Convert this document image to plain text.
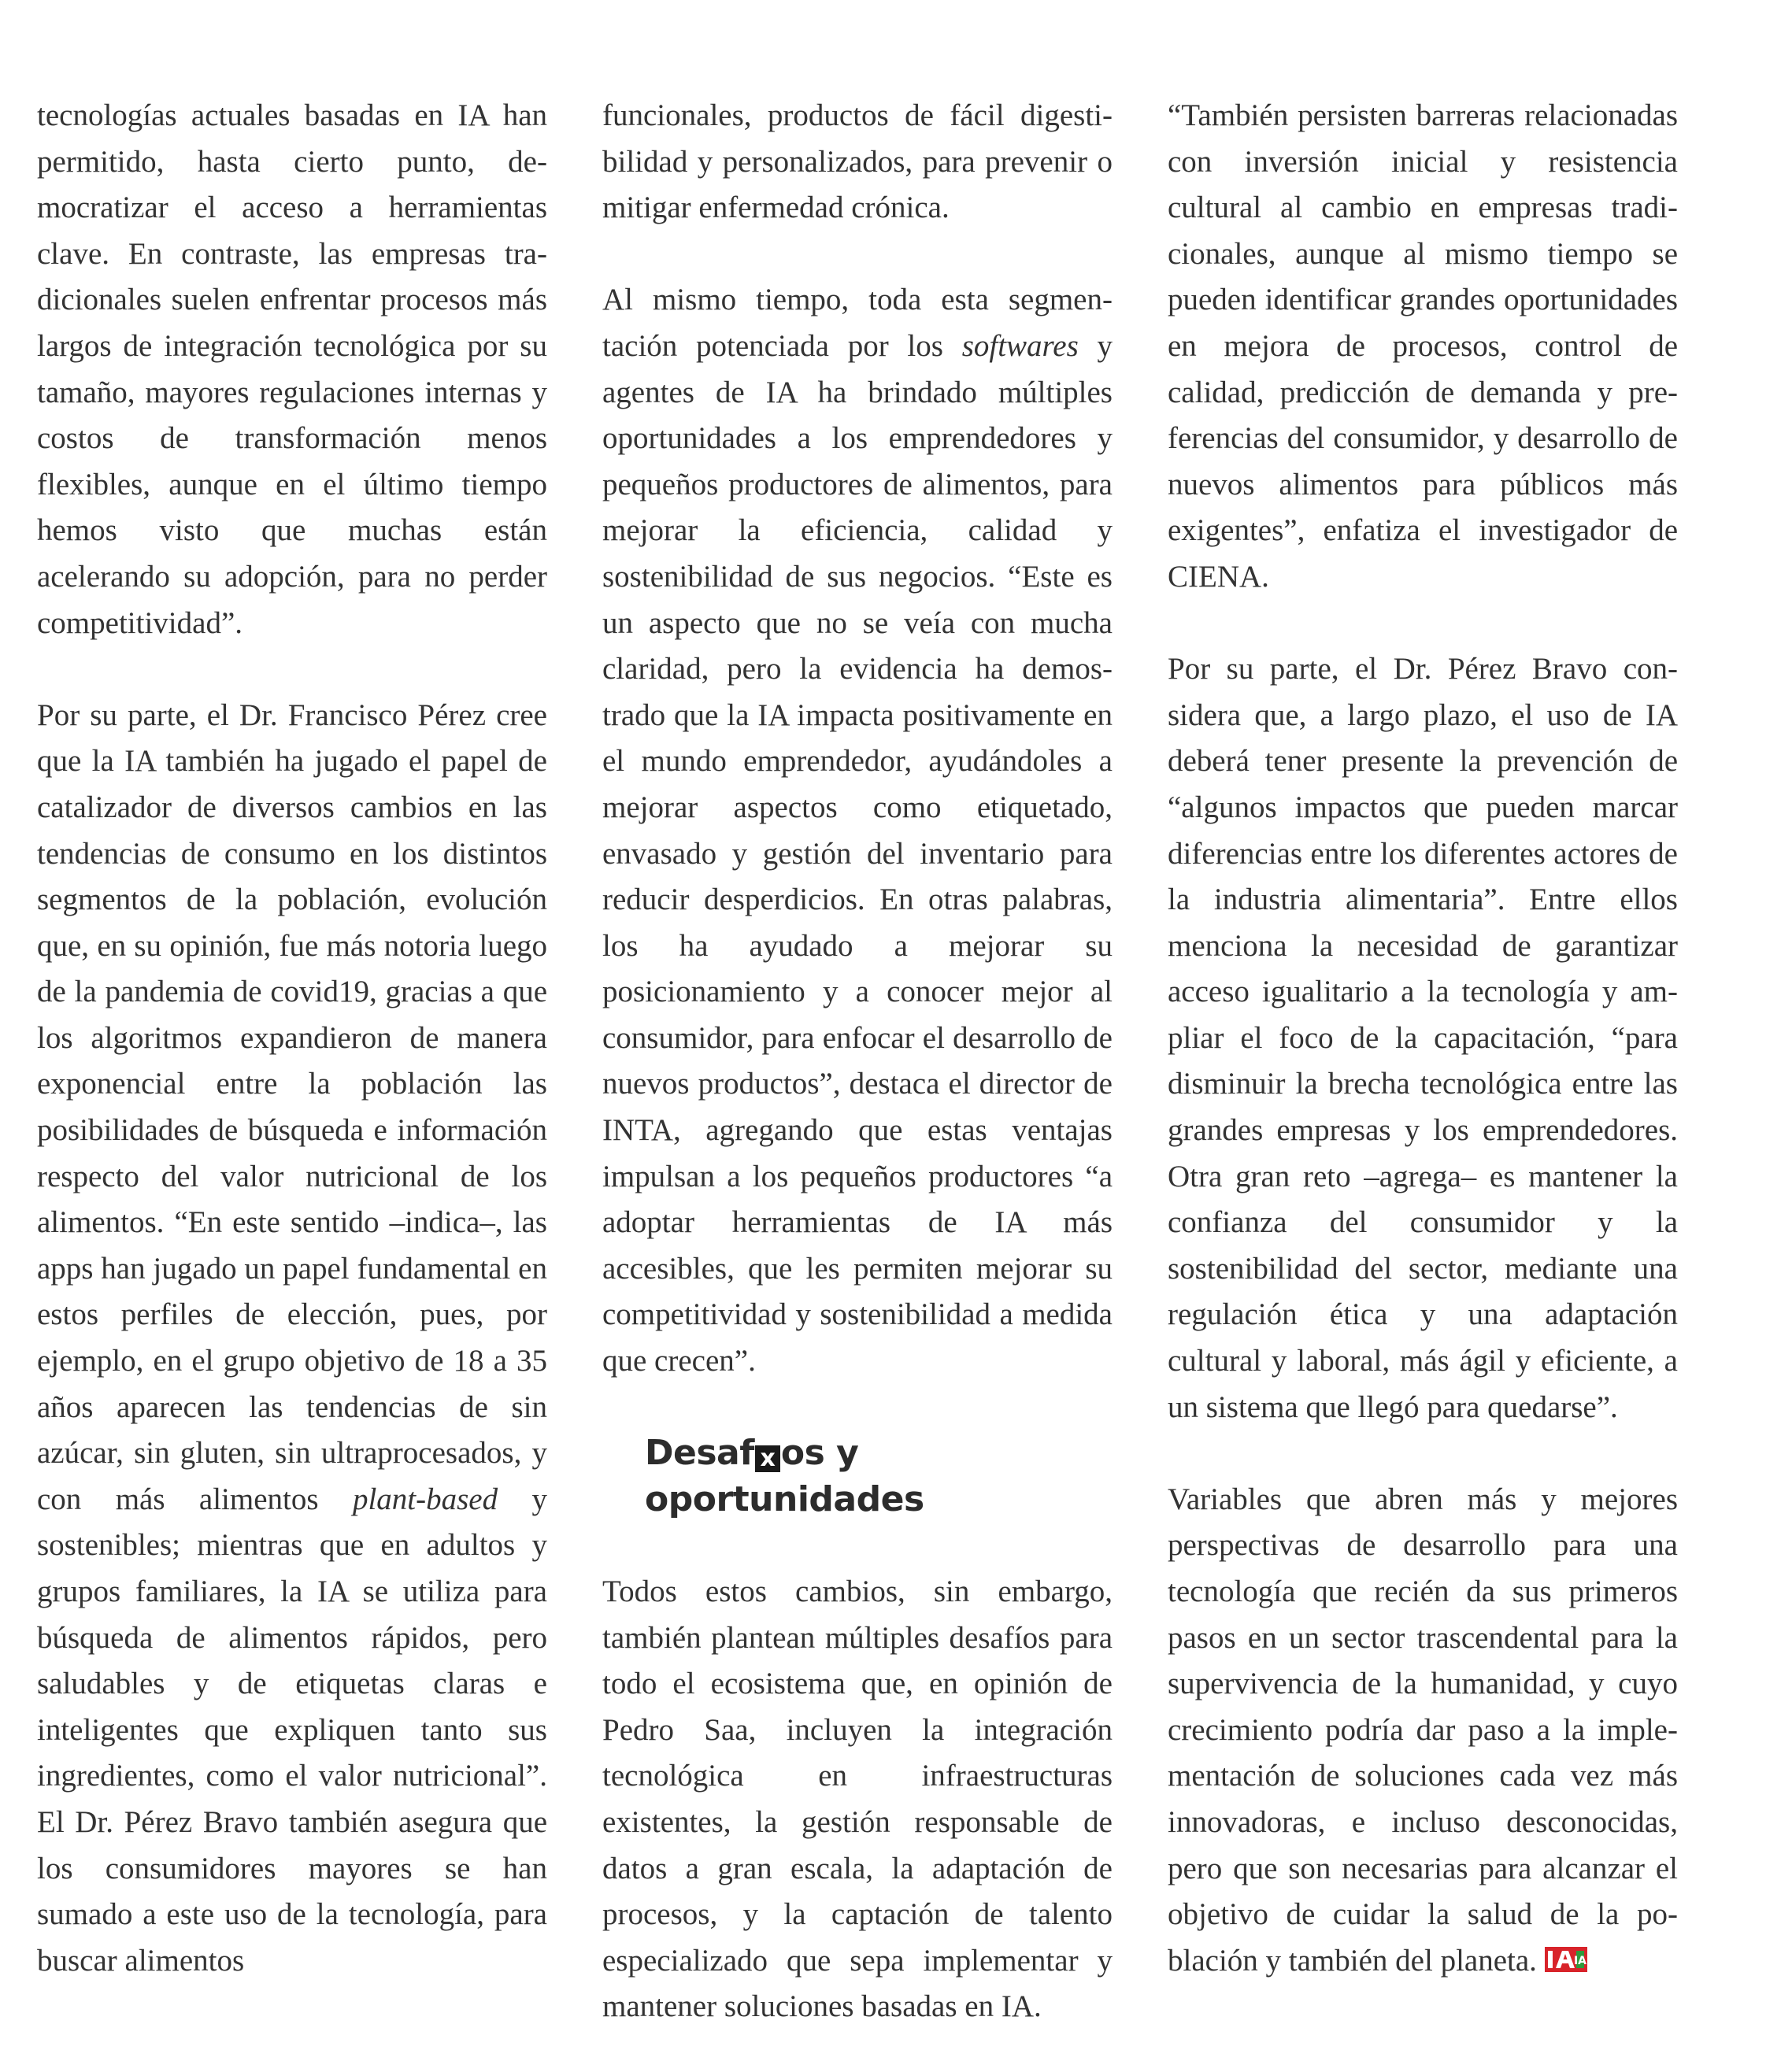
tecnologías actuales basadas en IA han permitido, hasta cierto punto, democratizar el acceso a herramientas clave. En contraste, las empresas tradicionales suelen enfrentar procesos más largos de integración tecnológica por su tamaño, mayores regulaciones internas y costos de transformación menos flexibles, aunque en el último tiempo hemos visto que muchas están acelerando su adopción, para no perder competitividad”.

Por su parte, el Dr. Francisco Pérez cree que la IA también ha jugado el papel de catalizador de diversos cambios en las tendencias de consumo en los distintos segmentos de la población, evolución que, en su opinión, fue más notoria luego de la pandemia de covid19, gracias a que los algoritmos expandieron de manera exponencial entre la población las posibilidades de búsqueda e información respecto del valor nutricional de los alimentos. “En este sentido –indica–, las apps han jugado un papel fundamental en estos perfiles de elección, pues, por ejemplo, en el grupo objetivo de 18 a 35 años aparecen las tendencias de sin azúcar, sin gluten, sin ultraprocesados, y con más alimentos plant-based y sostenibles; mientras que en adultos y grupos familiares, la IA se utiliza para búsqueda de alimentos rápidos, pero saludables y de etiquetas claras e inteligentes que expliquen tanto sus ingredientes, como el valor nutricional”. El Dr. Pérez Bravo también asegura que los consumidores mayores se han sumado a este uso de la tecnología, para buscar alimentos

funcionales, productos de fácil digestibilidad y personalizados, para prevenir o mitigar enfermedad crónica.

Al mismo tiempo, toda esta segmentación potenciada por los softwares y agentes de IA ha brindado múltiples oportunidades a los emprendedores y pequeños productores de alimentos, para mejorar la eficiencia, calidad y sostenibilidad de sus negocios. “Este es un aspecto que no se veía con mucha claridad, pero la evidencia ha demostrado que la IA impacta positivamente en el mundo emprendedor, ayudándoles a mejorar aspectos como etiquetado, envasado y gestión del inventario para reducir desperdicios. En otras palabras, los ha ayudado a mejorar su posicionamiento y a conocer mejor al consumidor, para enfocar el desarrollo de nuevos productos”, destaca el director de INTA, agregando que estas ventajas impulsan a los pequeños productores “a adoptar herramientas de IA más accesibles, que les permiten mejorar su competitividad y sostenibilidad a medida que crecen”.

Desaf x os y oportunidades

Todos estos cambios, sin embargo, también plantean múltiples desafíos para todo el ecosistema que, en opinión de Pedro Saa, incluyen la integración tecnológica en infraestructuras existentes, la gestión responsable de datos a gran escala, la adaptación de procesos, y la captación de talento especializado que sepa implementar y mantener soluciones basadas en IA.

“También persisten barreras relacionadas con inversión inicial y resistencia cultural al cambio en empresas tradicionales, aunque al mismo tiempo se pueden identificar grandes oportunidades en mejora de procesos, control de calidad, predicción de demanda y preferencias del consumidor, y desarrollo de nuevos alimentos para públicos más exigentes”, enfatiza el investigador de CIENA.

Por su parte, el Dr. Pérez Bravo considera que, a largo plazo, el uso de IA deberá tener presente la prevención de “algunos impactos que pueden marcar diferencias entre los diferentes actores de la industria alimentaria”. Entre ellos menciona la necesidad de garantizar acceso igualitario a la tecnología y ampliar el foco de la capacitación, “para disminuir la brecha tecnológica entre las grandes empresas y los emprendedores. Otra gran reto –agrega– es mantener la confianza del consumidor y la sostenibilidad del sector, mediante una regulación ética y una adaptación cultural y laboral, más ágil y eficiente, a un sistema que llegó para quedarse”.

Variables que abren más y mejores perspectivas de desarrollo para una tecnología que recién da sus primeros pasos en un sector trascendental para la supervivencia de la humanidad, y cuyo crecimiento podría dar paso a la implementación de soluciones cada vez más innovadoras, e incluso desconocidas, pero que son necesarias para alcanzar el objetivo de cuidar la salud de la población y también del planeta.	IA
